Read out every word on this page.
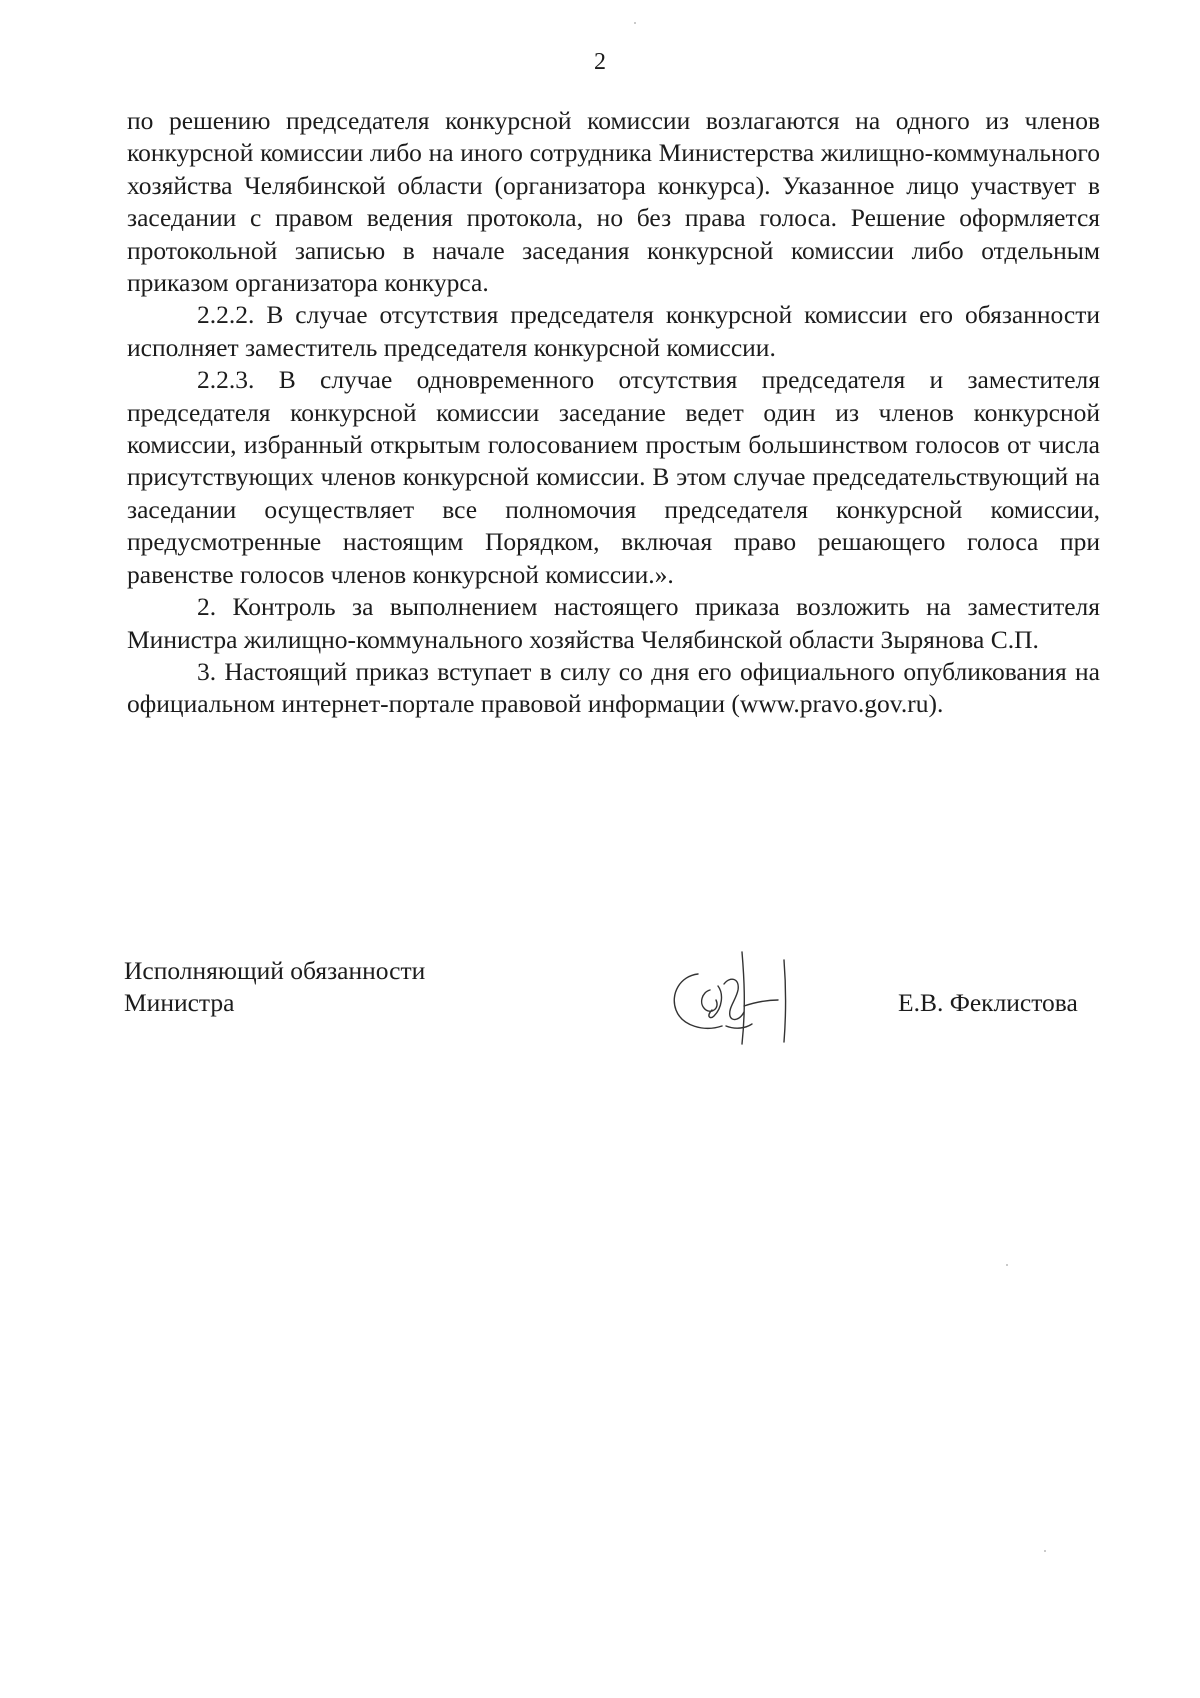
2

по решению председателя конкурсной комиссии возлагаются на одного из членов конкурсной комиссии либо на иного сотрудника Министерства жилищно-коммунального хозяйства Челябинской области (организатора конкурса). Указанное лицо участвует в заседании с правом ведения протокола, но без права голоса. Решение оформляется протокольной записью в начале заседания конкурсной комиссии либо отдельным приказом организатора конкурса.

2.2.2. В случае отсутствия председателя конкурсной комиссии его обязанности исполняет заместитель председателя конкурсной комиссии.

2.2.3. В случае одновременного отсутствия председателя и заместителя председателя конкурсной комиссии заседание ведет один из членов конкурсной комиссии, избранный открытым голосованием простым большинством голосов от числа присутствующих членов конкурсной комиссии. В этом случае председательствующий на заседании осуществляет все полномочия председателя конкурсной комиссии, предусмотренные настоящим Порядком, включая право решающего голоса при равенстве голосов членов конкурсной комиссии.».

2. Контроль за выполнением настоящего приказа возложить на заместителя Министра жилищно-коммунального хозяйства Челябинской области Зырянова С.П.

3. Настоящий приказ вступает в силу со дня его официального опубликования на официальном интернет-портале правовой информации (www.pravo.gov.ru).

Исполняющий обязанности
Министра	Е.В. Феклистова
